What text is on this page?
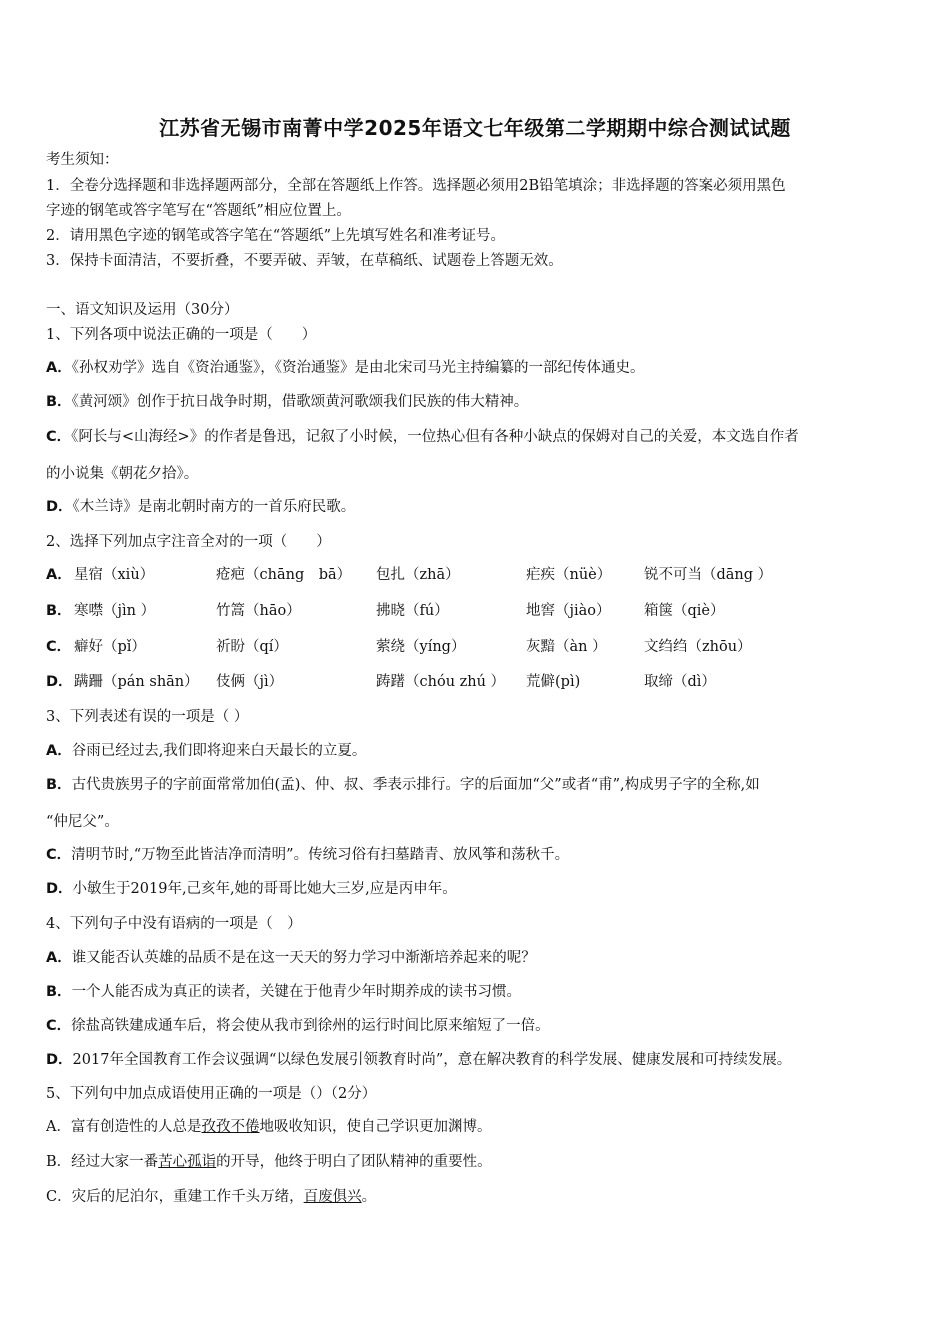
江苏省无锡市南菁中学2025年语文七年级第二学期期中综合测试试题
考生须知：
1．全卷分选择题和非选择题两部分，全部在答题纸上作答。选择题必须用2B铅笔填涂；非选择题的答案必须用黑色
字迹的钢笔或答字笔写在“答题纸”相应位置上。
2．请用黑色字迹的钢笔或答字笔在“答题纸”上先填写姓名和准考证号。
3．保持卡面清洁，不要折叠，不要弄破、弄皱，在草稿纸、试题卷上答题无效。
一、语文知识及运用（30分）
1、下列各项中说法正确的一项是（　　）
A．《孙权劝学》选自《资治通鉴》，《资治通鉴》是由北宋司马光主持编纂的一部纪传体通史。
B．《黄河颂》创作于抗日战争时期，借歌颂黄河歌颂我们民族的伟大精神。
C．《阿长与<山海经>》的作者是鲁迅，记叙了小时候，一位热心但有各种小缺点的保姆对自己的关爱，本文选自作者
的小说集《朝花夕拾》。
D．《木兰诗》是南北朝时南方的一首乐府民歌。
2、选择下列加点字注音全对的一项（　　）
A． 星宿（xiù）	疮疤（chāng　bā） 包扎（zhā）	疟疾（nüè） 锐不可当（dāng ）
B． 寒噤（jìn ）	竹篙（hāo）	拂晓（fú）	地窖（jiào） 箱箧（qiè）
C． 癖好（pǐ）	祈盼（qí）	萦绕（yíng）	灰黯（àn ）	文绉绉（zhōu）
D． 蹒跚（pán shān） 伎俩（jì）	踌躇（chóu zhú ） 荒僻(pì)	取缔（dì）
3、下列表述有误的一项是（ ）
A．谷雨已经过去,我们即将迎来白天最长的立夏。
B．古代贵族男子的字前面常常加伯(孟)、仲、叔、季表示排行。字的后面加“父”或者“甫”,构成男子字的全称,如
“仲尼父”。
C．清明节时,“万物至此皆洁净而清明”。传统习俗有扫墓踏青、放风筝和荡秋千。
D．小敏生于2019年,己亥年,她的哥哥比她大三岁,应是丙申年。
4、下列句子中没有语病的一项是（　）
A．谁又能否认英雄的品质不是在这一天天的努力学习中渐渐培养起来的呢？
B．一个人能否成为真正的读者，关键在于他青少年时期养成的读书习惯。
C．徐盐高铁建成通车后，将会使从我市到徐州的运行时间比原来缩短了一倍。
D．2017年全国教育工作会议强调“以绿色发展引领教育时尚”，意在解决教育的科学发展、健康发展和可持续发展。
5、下列句中加点成语使用正确的一项是（）（2分）
A．富有创造性的人总是孜孜不倦地吸收知识，使自己学识更加渊博。
B．经过大家一番苦心孤诣的开导，他终于明白了团队精神的重要性。
C．灾后的尼泊尔，重建工作千头万绪，百废俱兴。
